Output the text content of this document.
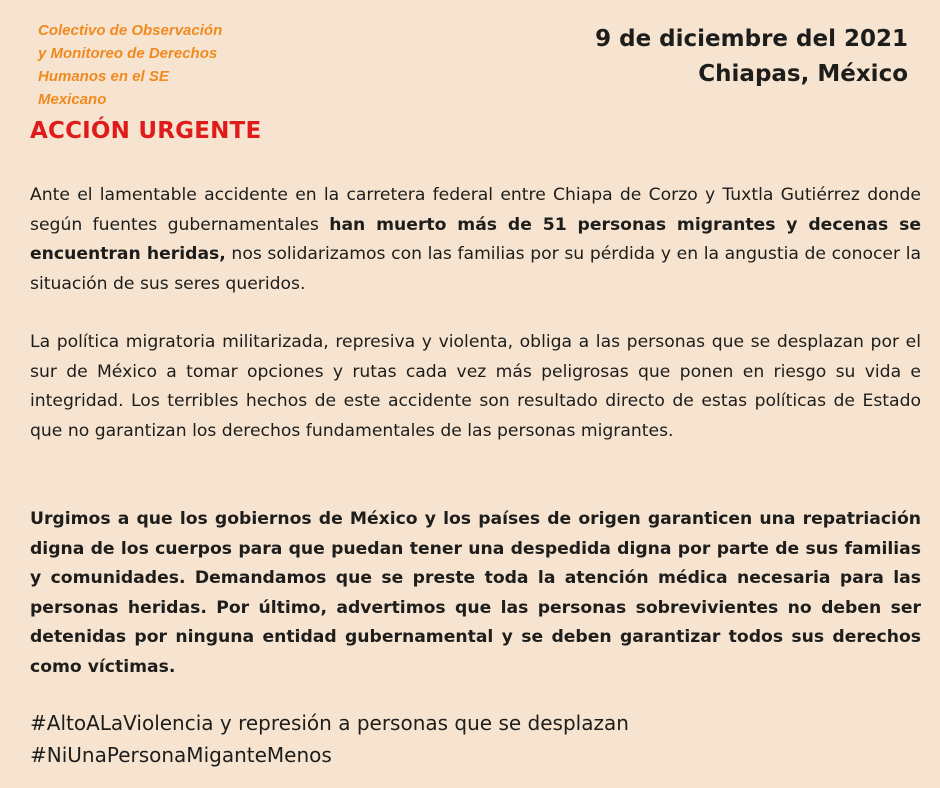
Colectivo de Observación
y Monitoreo de Derechos
Humanos en el SE
Mexicano
9 de diciembre del 2021
Chiapas, México
ACCIÓN URGENTE

Ante el lamentable accidente en la carretera federal entre Chiapa de Corzo y Tuxtla Gutiérrez donde según fuentes gubernamentales han muerto más de 51 personas migrantes y decenas se encuentran heridas, nos solidarizamos con las familias por su pérdida y en la angustia de conocer la situación de sus seres queridos.

La política migratoria militarizada, represiva y violenta, obliga a las personas que se desplazan por el sur de México a tomar opciones y rutas cada vez más peligrosas que ponen en riesgo su vida e integridad. Los terribles hechos de este accidente son resultado directo de estas políticas de Estado que no garantizan los derechos fundamentales de las personas migrantes.

Urgimos a que los gobiernos de México y los países de origen garanticen una repatriación digna de los cuerpos para que puedan tener una despedida digna por parte de sus familias y comunidades. Demandamos que se preste toda la atención médica necesaria para las personas heridas. Por último, advertimos que las personas sobrevivientes no deben ser detenidas por ninguna entidad gubernamental y se deben garantizar todos sus derechos como víctimas.

#AltoALaViolencia y represión a personas que se desplazan
#NiUnaPersonaMiganteMenos
